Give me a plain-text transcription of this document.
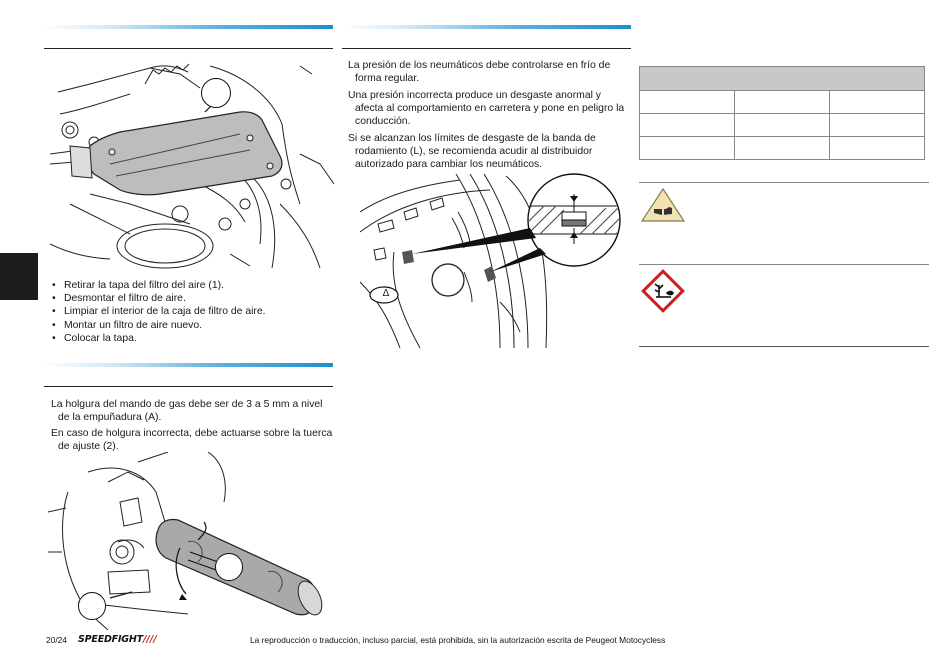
• Retirar la tapa del filtro del aire (1).
• Desmontar el filtro de aire.
• Limpiar el interior de la caja de filtro de aire.
• Montar un filtro de aire nuevo.
• Colocar la tapa.
La holgura del mando de gas debe ser de 3 a 5 mm a nivel de la empuñadura (A).
En caso de holgura incorrecta, debe actuarse sobre la tuerca de ajuste (2).
La presión de los neumáticos debe controlarse en frío de forma regular.
Una presión incorrecta produce un desgaste anormal y afecta al comportamiento en carretera y pone en peligro la conducción.
Si se alcanzan los límites de desgaste de la banda de rodamiento (L), se recomienda acudir al distribuidor autorizado para cambiar los neumáticos.
Δ

20/24 SPEEDFIGHT////	La reproducción o traducción, incluso parcial, está prohibida, sin la autorización escrita de Peugeot Motocycless
